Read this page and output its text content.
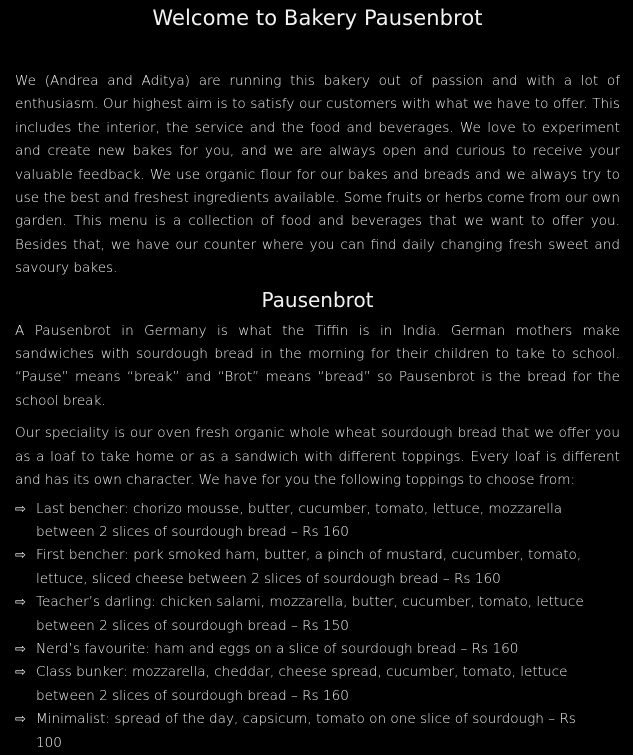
Welcome to Bakery Pausenbrot

We (Andrea and Aditya) are running this bakery out of passion and with a lot of enthusiasm. Our highest aim is to satisfy our customers with what we have to offer. This includes the interior, the service and the food and beverages. We love to experiment and create new bakes for you, and we are always open and curious to receive your valuable feedback. We use organic flour for our bakes and breads and we always try to use the best and freshest ingredients available. Some fruits or herbs come from our own garden. This menu is a collection of food and beverages that we want to offer you. Besides that, we have our counter where you can find daily changing fresh sweet and savoury bakes.

Pausenbrot

A Pausenbrot in Germany is what the Tiffin is in India. German mothers make sandwiches with sourdough bread in the morning for their children to take to school. “Pause” means “break” and “Brot” means “bread” so Pausenbrot is the bread for the school break.

Our speciality is our oven fresh organic whole wheat sourdough bread that we offer you as a loaf to take home or as a sandwich with different toppings. Every loaf is different and has its own character. We have for you the following toppings to choose from:

⇨ Last bencher: chorizo mousse, butter, cucumber, tomato, lettuce, mozzarella between 2 slices of sourdough bread – Rs 160
⇨ First bencher: pork smoked ham, butter, a pinch of mustard, cucumber, tomato, lettuce, sliced cheese between 2 slices of sourdough bread – Rs 160
⇨ Teacher’s darling: chicken salami, mozzarella, butter, cucumber, tomato, lettuce between 2 slices of sourdough bread – Rs 150
⇨ Nerd’s favourite: ham and eggs on a slice of sourdough bread – Rs 160
⇨ Class bunker: mozzarella, cheddar, cheese spread, cucumber, tomato, lettuce between 2 slices of sourdough bread – Rs 160
⇨ Minimalist: spread of the day, capsicum, tomato on one slice of sourdough – Rs 100
